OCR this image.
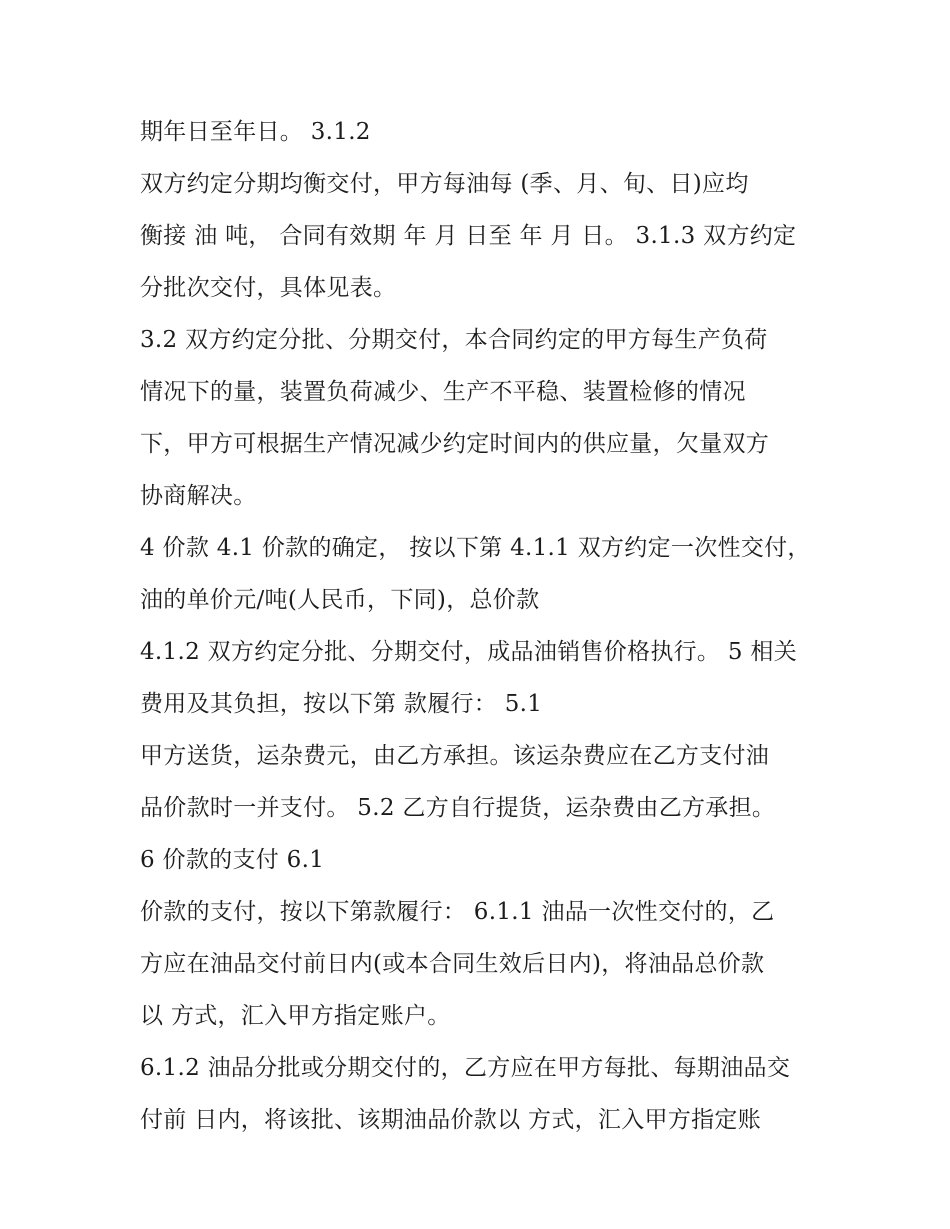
期年日至年日。 3.1.2
双方约定分期均衡交付，甲方每油每 (季、月、旬、日)应均
衡接 油 吨， 合同有效期 年 月 日至 年 月 日。 3.1.3 双方约定
分批次交付，具体见表。
3.2 双方约定分批、分期交付，本合同约定的甲方每生产负荷
情况下的量，装置负荷减少、生产不平稳、装置检修的情况
下，甲方可根据生产情况减少约定时间内的供应量，欠量双方
协商解决。
4 价款 4.1 价款的确定， 按以下第 4.1.1 双方约定一次性交付，
油的单价元/吨(人民币，下同)，总价款
4.1.2 双方约定分批、分期交付，成品油销售价格执行。 5 相关
费用及其负担，按以下第 款履行： 5.1
甲方送货，运杂费元，由乙方承担。该运杂费应在乙方支付油
品价款时一并支付。 5.2 乙方自行提货，运杂费由乙方承担。
6 价款的支付 6.1
价款的支付，按以下第款履行： 6.1.1 油品一次性交付的，乙
方应在油品交付前日内(或本合同生效后日内)，将油品总价款
以 方式，汇入甲方指定账户。
6.1.2 油品分批或分期交付的，乙方应在甲方每批、每期油品交
付前 日内，将该批、该期油品价款以 方式，汇入甲方指定账
